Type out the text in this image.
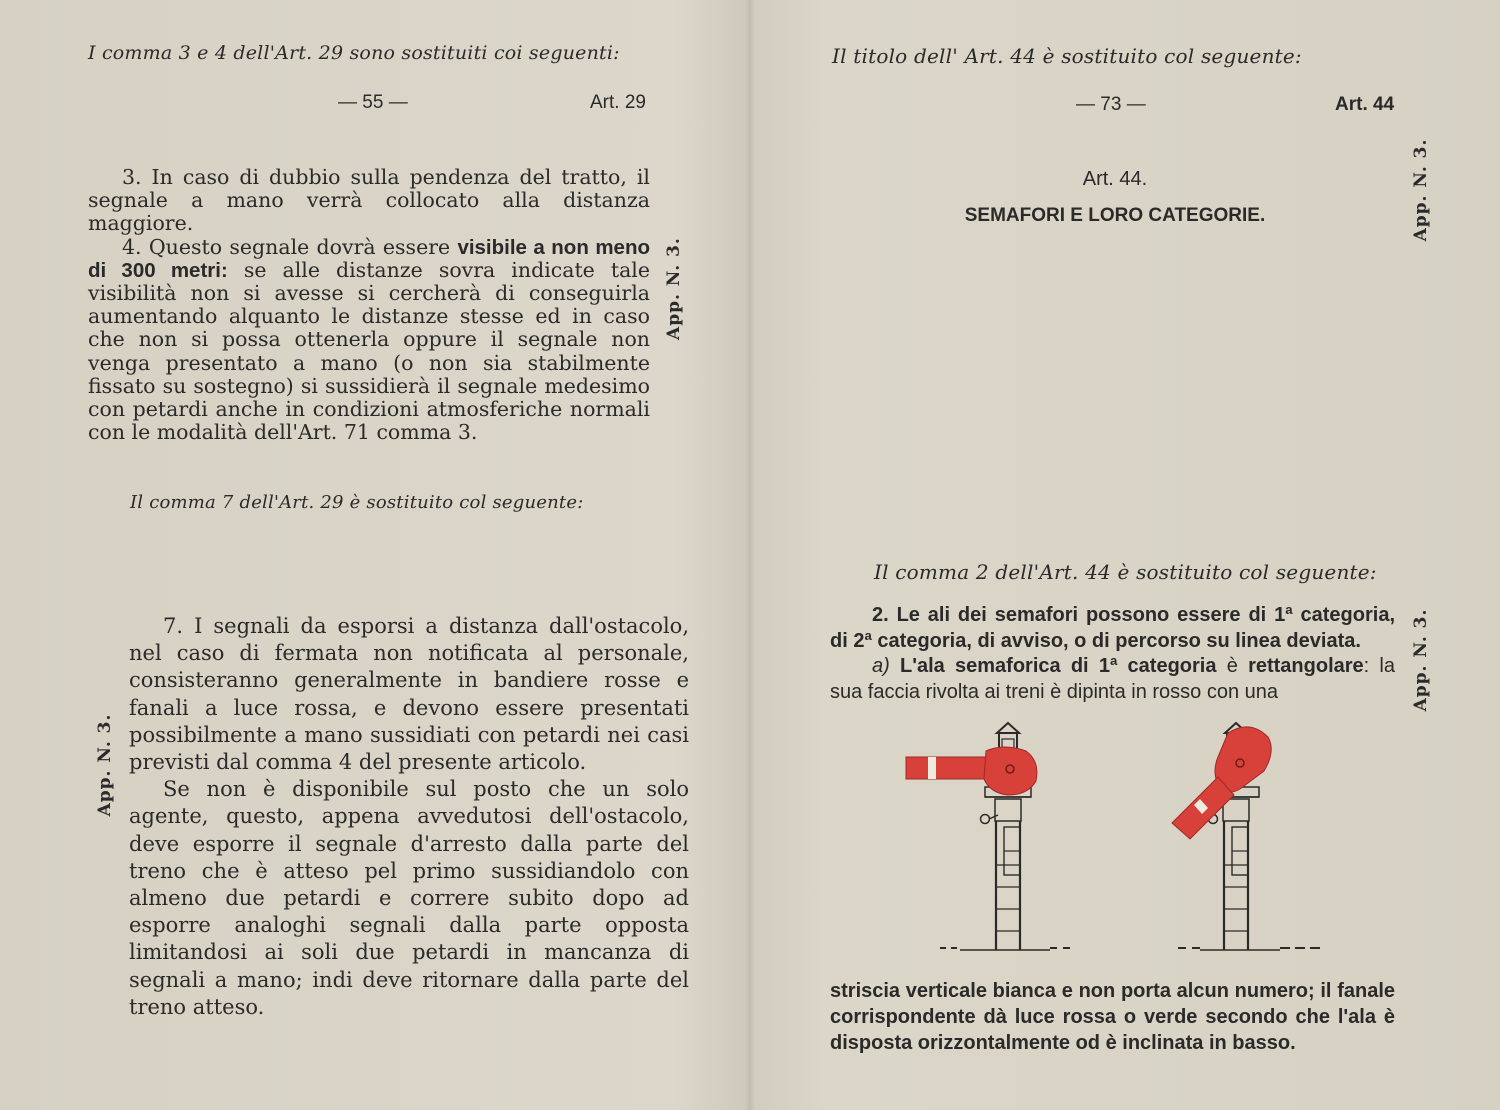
I comma 3 e 4 dell'Art. 29 sono sostituiti coi seguenti:
— 55 —	Art. 29

3. In caso di dubbio sulla pendenza del tratto, il segnale a mano verrà collocato alla distanza maggiore.

4. Questo segnale dovrà essere visibile a non meno di 300 metri: se alle distanze sovra indicate tale visibilità non si avesse si cercherà di conseguirla aumentando alquanto le distanze stesse ed in caso che non si possa ottenerla oppure il segnale non venga presentato a mano (o non sia stabilmente fissato su sostegno) si sussidierà il segnale medesimo con petardi anche in condizioni atmosferiche normali con le modalità dell'Art. 71 comma 3.

App. N. 3.
Il comma 7 dell'Art. 29 è sostituito col seguente:
App. N. 3.

7. I segnali da esporsi a distanza dall'ostacolo, nel caso di fermata non notificata al personale, consisteranno generalmente in bandiere rosse e fanali a luce rossa, e devono essere presentati possibilmente a mano sussidiati con petardi nei casi previsti dal comma 4 del presente articolo.

Se non è disponibile sul posto che un solo agente, questo, appena avvedutosi dell'ostacolo, deve esporre il segnale d'arresto dalla parte del treno che è atteso pel primo sussidiandolo con almeno due petardi e correre subito dopo ad esporre analoghi segnali dalla parte opposta limitandosi ai soli due petardi in mancanza di segnali a mano; indi deve ritornare dalla parte del treno atteso.

Il titolo dell' Art. 44 è sostituito col seguente:
— 73 —	Art. 44
App. N. 3.
Art. 44.
SEMAFORI E LORO CATEGORIE.
Il comma 2 dell'Art. 44 è sostituito col seguente:
App. N. 3.

2. Le ali dei semafori possono essere di 1ª categoria, di 2ª categoria, di avviso, o di percorso su linea deviata.

a) L'ala semaforica di 1ª categoria è rettangolare: la sua faccia rivolta ai treni è dipinta in rosso con una

striscia verticale bianca e non porta alcun numero; il fanale corrispondente dà luce rossa o verde secondo che l'ala è disposta orizzontalmente od è inclinata in basso.
